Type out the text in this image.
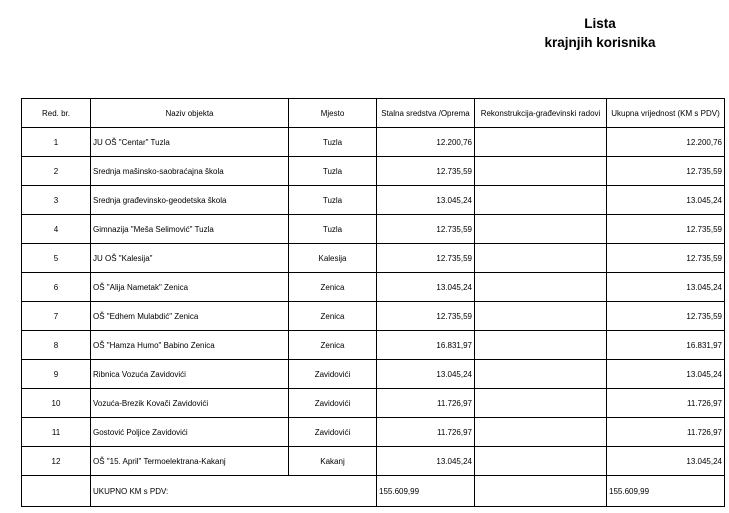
Lista
krajnjih korisnika
Red. br.	Naziv objekta	Mjesto	Stalna sredstva /Oprema	Rekonstrukcija-građevinski radovi	Ukupna vrijednost (KM s PDV)
1	JU OŠ "Centar" Tuzla	Tuzla	12.200,76		12.200,76
2	Srednja mašinsko-saobraćajna škola	Tuzla	12.735,59		12.735,59
3	Srednja građevinsko-geodetska škola	Tuzla	13.045,24		13.045,24
4	Gimnazija "Meša Selimović" Tuzla	Tuzla	12.735,59		12.735,59
5	JU OŠ "Kalesija"	Kalesija	12.735,59		12.735,59
6	OŠ "Alija Nametak" Zenica	Zenica	13.045,24		13.045,24
7	OŠ "Edhem Mulabdić" Zenica	Zenica	12.735,59		12.735,59
8	OŠ "Hamza Humo" Babino Zenica	Zenica	16.831,97		16.831,97
9	Ribnica Vozuća Zavidovići	Zavidovići	13.045,24		13.045,24
10	Vozuća-Brezik Kovači Zavidovići	Zavidovići	11.726,97		11.726,97
11	Gostović Poljice Zavidovići	Zavidovići	11.726,97		11.726,97
12	OŠ "15. April" Termoelektrana-Kakanj	Kakanj	13.045,24		13.045,24
	UKUPNO KM s PDV:		155.609,99		155.609,99
